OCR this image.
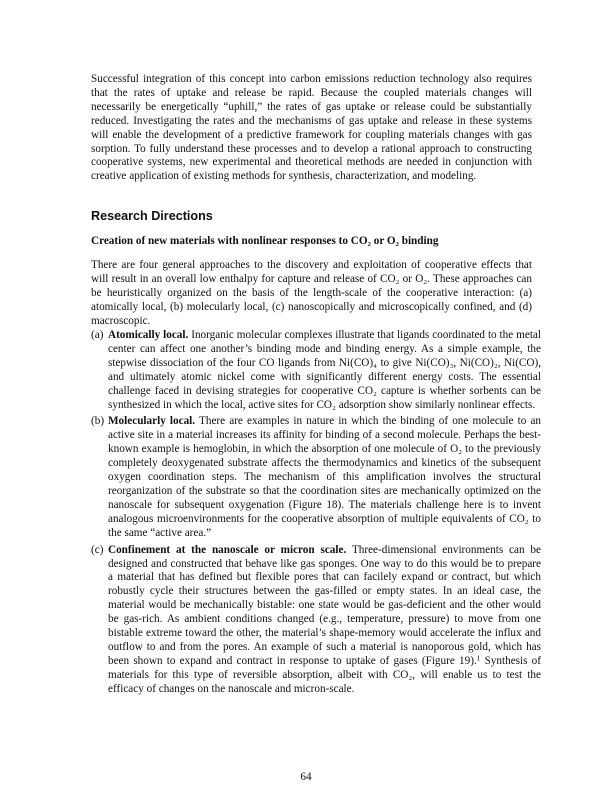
Successful integration of this concept into carbon emissions reduction technology also requires that the rates of uptake and release be rapid. Because the coupled materials changes will necessarily be energetically “uphill,” the rates of gas uptake or release could be substantially reduced. Investigating the rates and the mechanisms of gas uptake and release in these systems will enable the development of a predictive framework for coupling materials changes with gas sorption. To fully understand these processes and to develop a rational approach to constructing cooperative systems, new experimental and theoretical methods are needed in conjunction with creative application of existing methods for synthesis, characterization, and modeling.

Research Directions

Creation of new materials with nonlinear responses to CO₂ or O₂ binding

There are four general approaches to the discovery and exploitation of cooperative effects that will result in an overall low enthalpy for capture and release of CO₂ or O₂. These approaches can be heuristically organized on the basis of the length-scale of the cooperative interaction: (a) atomically local, (b) molecularly local, (c) nanoscopically and microscopically confined, and (d) macroscopic.

(a) Atomically local. Inorganic molecular complexes illustrate that ligands coordinated to the metal center can affect one another’s binding mode and binding energy. As a simple example, the stepwise dissociation of the four CO ligands from Ni(CO)₄ to give Ni(CO)₃, Ni(CO)₂, Ni(CO), and ultimately atomic nickel come with significantly different energy costs. The essential challenge faced in devising strategies for cooperative CO₂ capture is whether sorbents can be synthesized in which the local, active sites for CO₂ adsorption show similarly nonlinear effects.
(b) Molecularly local. There are examples in nature in which the binding of one molecule to an active site in a material increases its affinity for binding of a second molecule. Perhaps the best-known example is hemoglobin, in which the absorption of one molecule of O₂ to the previously completely deoxygenated substrate affects the thermodynamics and kinetics of the subsequent oxygen coordination steps. The mechanism of this amplification involves the structural reorganization of the substrate so that the coordination sites are mechanically optimized on the nanoscale for subsequent oxygenation (Figure 18). The materials challenge here is to invent analogous microenvironments for the cooperative absorption of multiple equivalents of CO₂ to the same “active area.”
(c) Confinement at the nanoscale or micron scale. Three-dimensional environments can be designed and constructed that behave like gas sponges. One way to do this would be to prepare a material that has defined but flexible pores that can facilely expand or contract, but which robustly cycle their structures between the gas-filled or empty states. In an ideal case, the material would be mechanically bistable: one state would be gas-deficient and the other would be gas-rich. As ambient conditions changed (e.g., temperature, pressure) to move from one bistable extreme toward the other, the material’s shape-memory would accelerate the influx and outflow to and from the pores. An example of such a material is nanoporous gold, which has been shown to expand and contract in response to uptake of gases (Figure 19).$^1$ Synthesis of materials for this type of reversible absorption, albeit with CO₂, will enable us to test the efficacy of changes on the nanoscale and micron-scale.
64
